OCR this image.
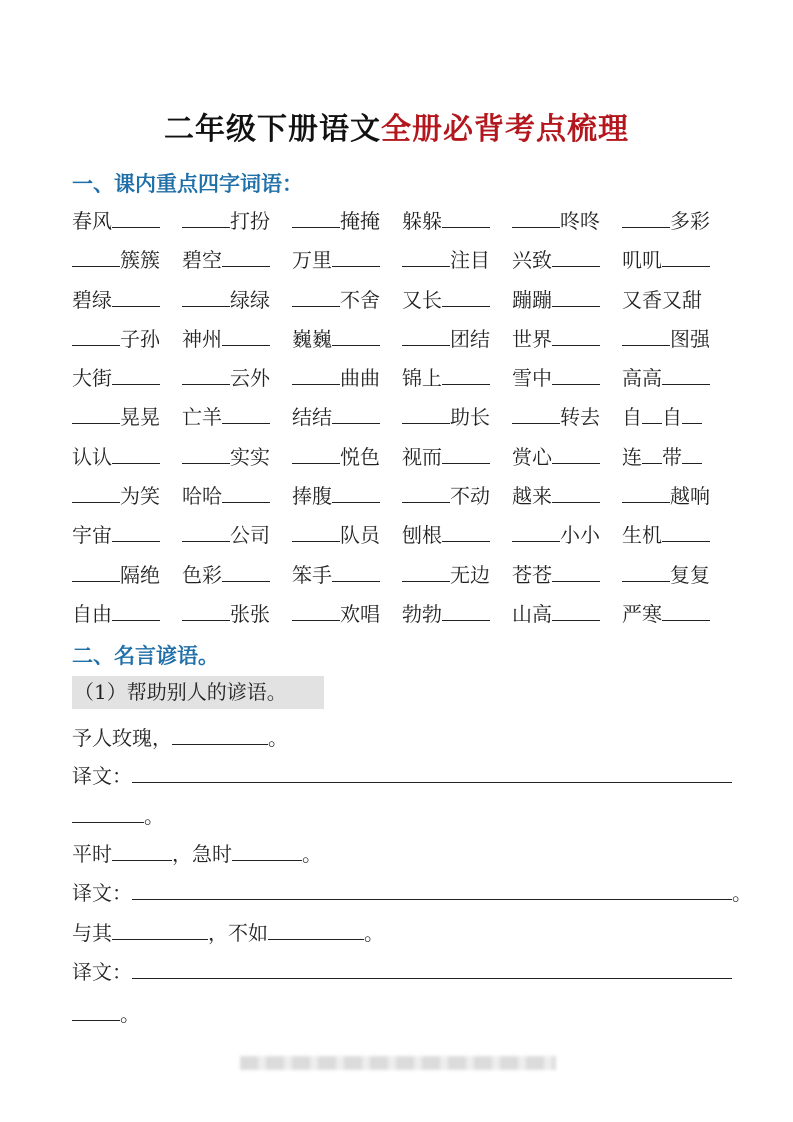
二年级下册语文全册必背考点梳理
一、课内重点四字词语：
春风	打扮	掩掩 躲躲	咚咚	多彩
簇簇 碧空	万里	注目 兴致	叽叽
碧绿	绿绿	不舍 又长	蹦蹦	又香又甜
子孙 神州	巍巍	团结 世界	图强
大街	云外	曲曲 锦上	雪中	高高
晃晃 亡羊	结结	助长	转去 自 自
认认	实实	悦色 视而	赏心	连 带
为笑 哈哈	捧腹	不动 越来	越响
宇宙	公司	队员 刨根	小小 生机
隔绝 色彩	笨手	无边 苍苍	复复
自由	张张	欢唱 勃勃	山高	严寒
二、名言谚语。
（1）帮助别人的谚语。
予人玫瑰，	。
译文：
。
平时	，急时	。
译文：	。
与其	，不如	。
译文：
。
